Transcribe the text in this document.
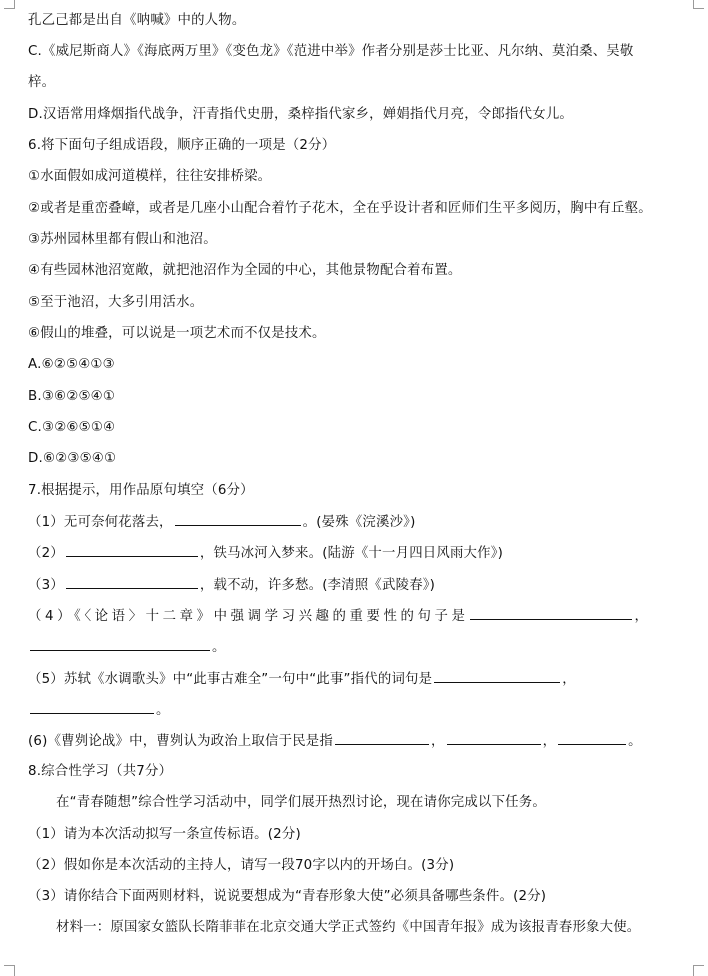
孔乙己都是出自《呐喊》中的人物。
C.《威尼斯商人》《海底两万里》《变色龙》《范进中举》作者分别是莎士比亚、凡尔纳、莫泊桑、吴敬
梓。
D.汉语常用烽烟指代战争，汗青指代史册，桑梓指代家乡，婵娟指代月亮，令郎指代女儿。
6.将下面句子组成语段，顺序正确的一项是（2分）
①水面假如成河道模样，往往安排桥梁。
②或者是重峦叠嶂，或者是几座小山配合着竹子花木，全在乎设计者和匠师们生平多阅历，胸中有丘壑。
③苏州园林里都有假山和池沼。
④有些园林池沼宽敞，就把池沼作为全园的中心，其他景物配合着布置。
⑤至于池沼，大多引用活水。
⑥假山的堆叠，可以说是一项艺术而不仅是技术。
A.⑥②⑤④①③
B.③⑥②⑤④①
C.③②⑥⑤①④
D.⑥②③⑤④①
7.根据提示，用作品原句填空（6分）
（1）无可奈何花落去，	。(晏殊《浣溪沙》)
（2）	，铁马冰河入梦来。(陆游《十一月四日风雨大作》)
（3）	，载不动，许多愁。(李清照《武陵春》)
（4）《〈论语〉十二章》中强调学习兴趣的重要性的句子是	，
。
（5）苏轼《水调歌头》中“此事古难全”一句中“此事”指代的词句是	，
。
(6)《曹刿论战》中，曹刿认为政治上取信于民是指	，	，	。
8.综合性学习（共7分）
在“青春随想”综合性学习活动中，同学们展开热烈讨论，现在请你完成以下任务。
（1）请为本次活动拟写一条宣传标语。(2分)
（2）假如你是本次活动的主持人，请写一段70字以内的开场白。(3分)
（3）请你结合下面两则材料，说说要想成为“青春形象大使”必须具备哪些条件。(2分)
材料一：原国家女篮队长隋菲菲在北京交通大学正式签约《中国青年报》成为该报青春形象大使。
